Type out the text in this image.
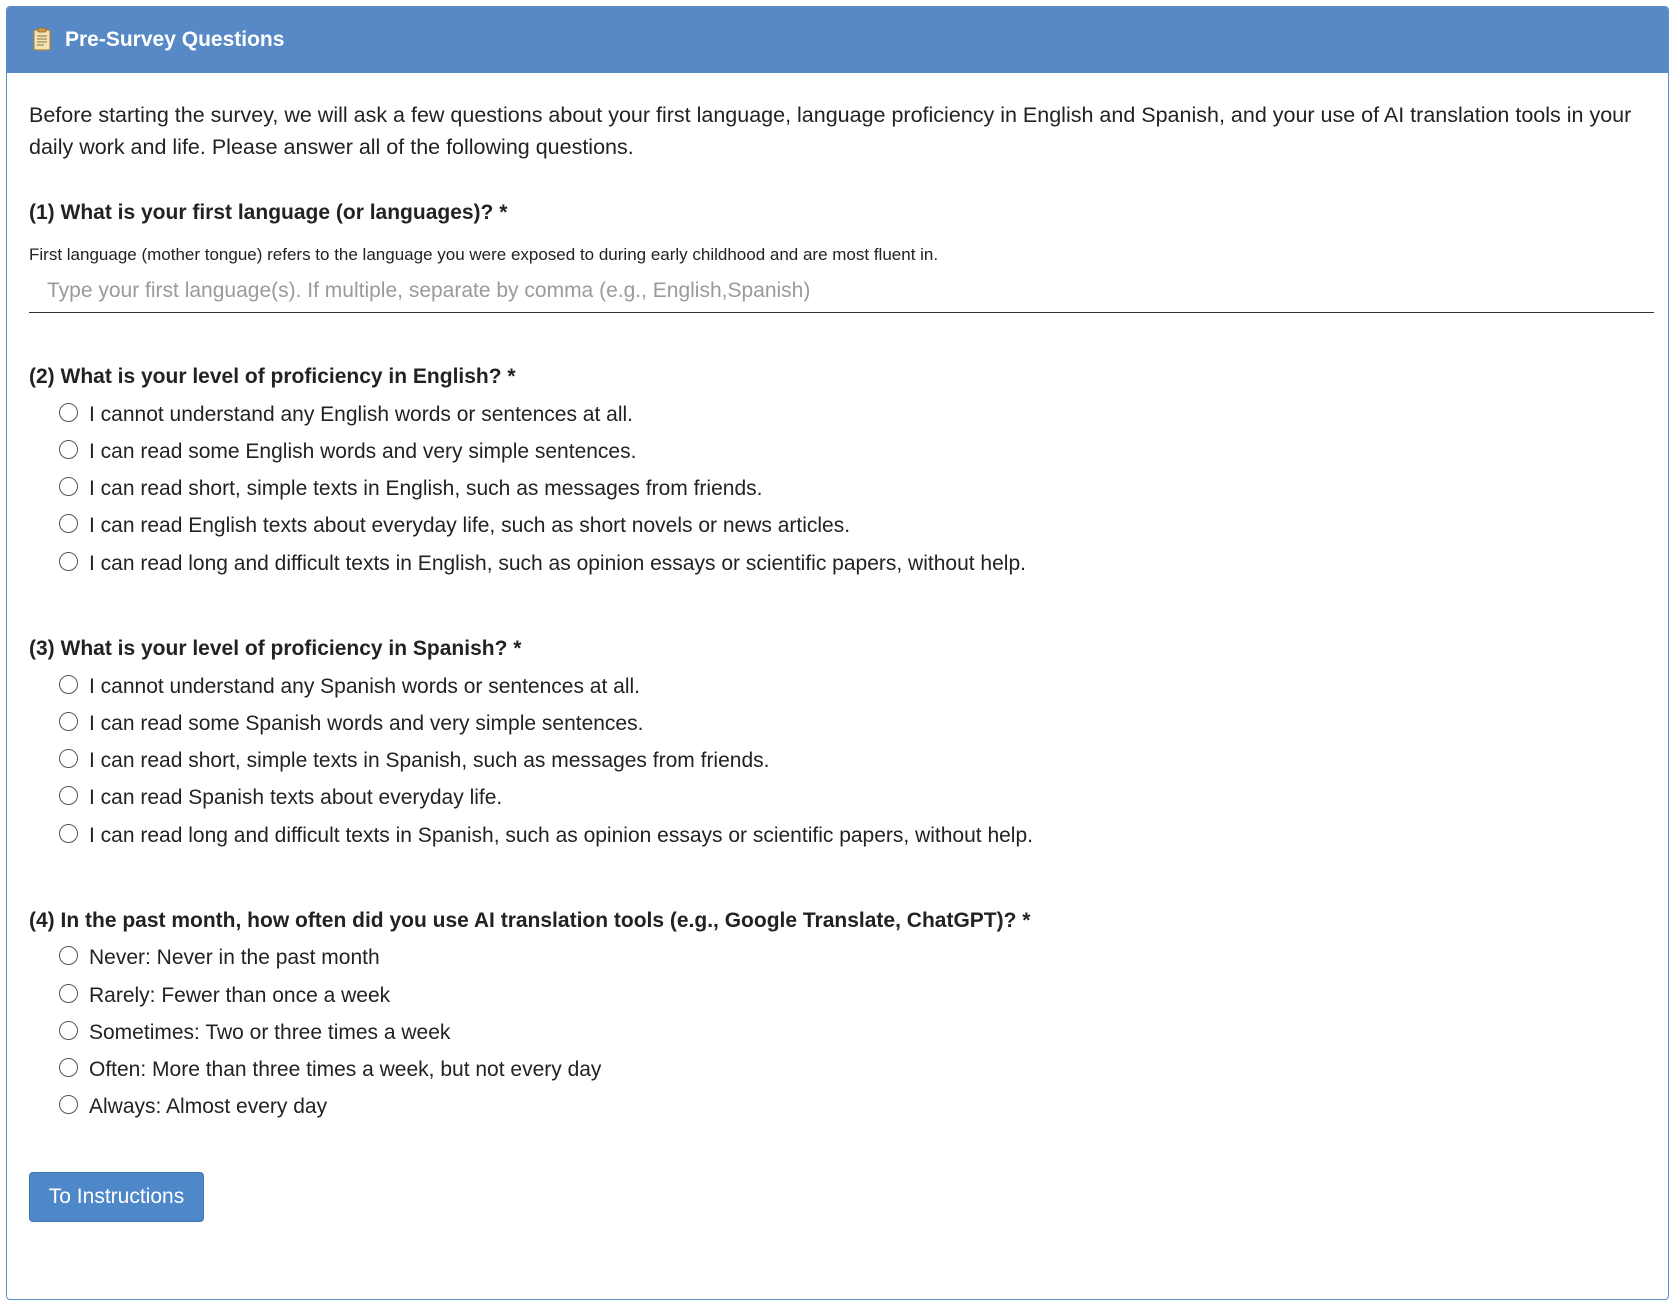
Pre-Survey Questions
Before starting the survey, we will ask a few questions about your first language, language proficiency in English and Spanish, and your use of AI translation tools in your daily work and life. Please answer all of the following questions.
(1) What is your first language (or languages)? *
First language (mother tongue) refers to the language you were exposed to during early childhood and are most fluent in.
Type your first language(s). If multiple, separate by comma (e.g., English,Spanish)
(2) What is your level of proficiency in English? *
I cannot understand any English words or sentences at all.
I can read some English words and very simple sentences.
I can read short, simple texts in English, such as messages from friends.
I can read English texts about everyday life, such as short novels or news articles.
I can read long and difficult texts in English, such as opinion essays or scientific papers, without help.
(3) What is your level of proficiency in Spanish? *
I cannot understand any Spanish words or sentences at all.
I can read some Spanish words and very simple sentences.
I can read short, simple texts in Spanish, such as messages from friends.
I can read Spanish texts about everyday life.
I can read long and difficult texts in Spanish, such as opinion essays or scientific papers, without help.
(4) In the past month, how often did you use AI translation tools (e.g., Google Translate, ChatGPT)? *
Never: Never in the past month
Rarely: Fewer than once a week
Sometimes: Two or three times a week
Often: More than three times a week, but not every day
Always: Almost every day
To Instructions
